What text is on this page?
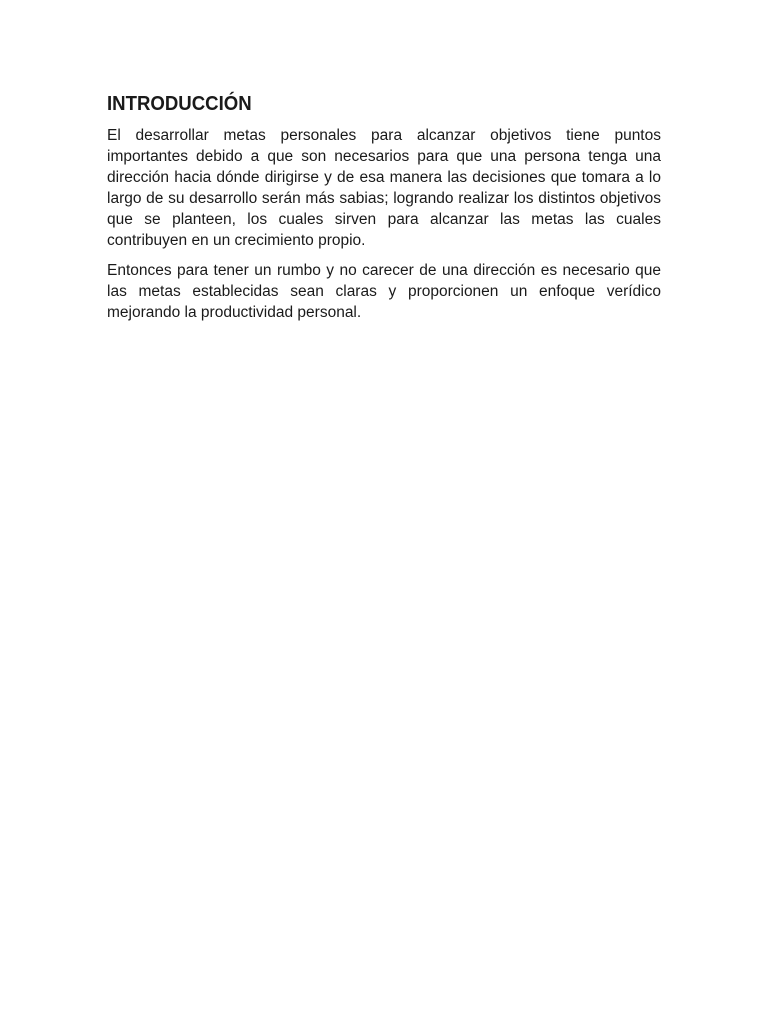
INTRODUCCIÓN

El desarrollar metas personales para alcanzar objetivos tiene puntos importantes debido a que son necesarios para que una persona tenga una dirección hacia dónde dirigirse y de esa manera las decisiones que tomara a lo largo de su desarrollo serán más sabias; logrando realizar los distintos objetivos que se planteen, los cuales sirven para alcanzar las metas las cuales contribuyen en un crecimiento propio.

Entonces para tener un rumbo y no carecer de una dirección es necesario que las metas establecidas sean claras y proporcionen un enfoque verídico mejorando la productividad personal.
